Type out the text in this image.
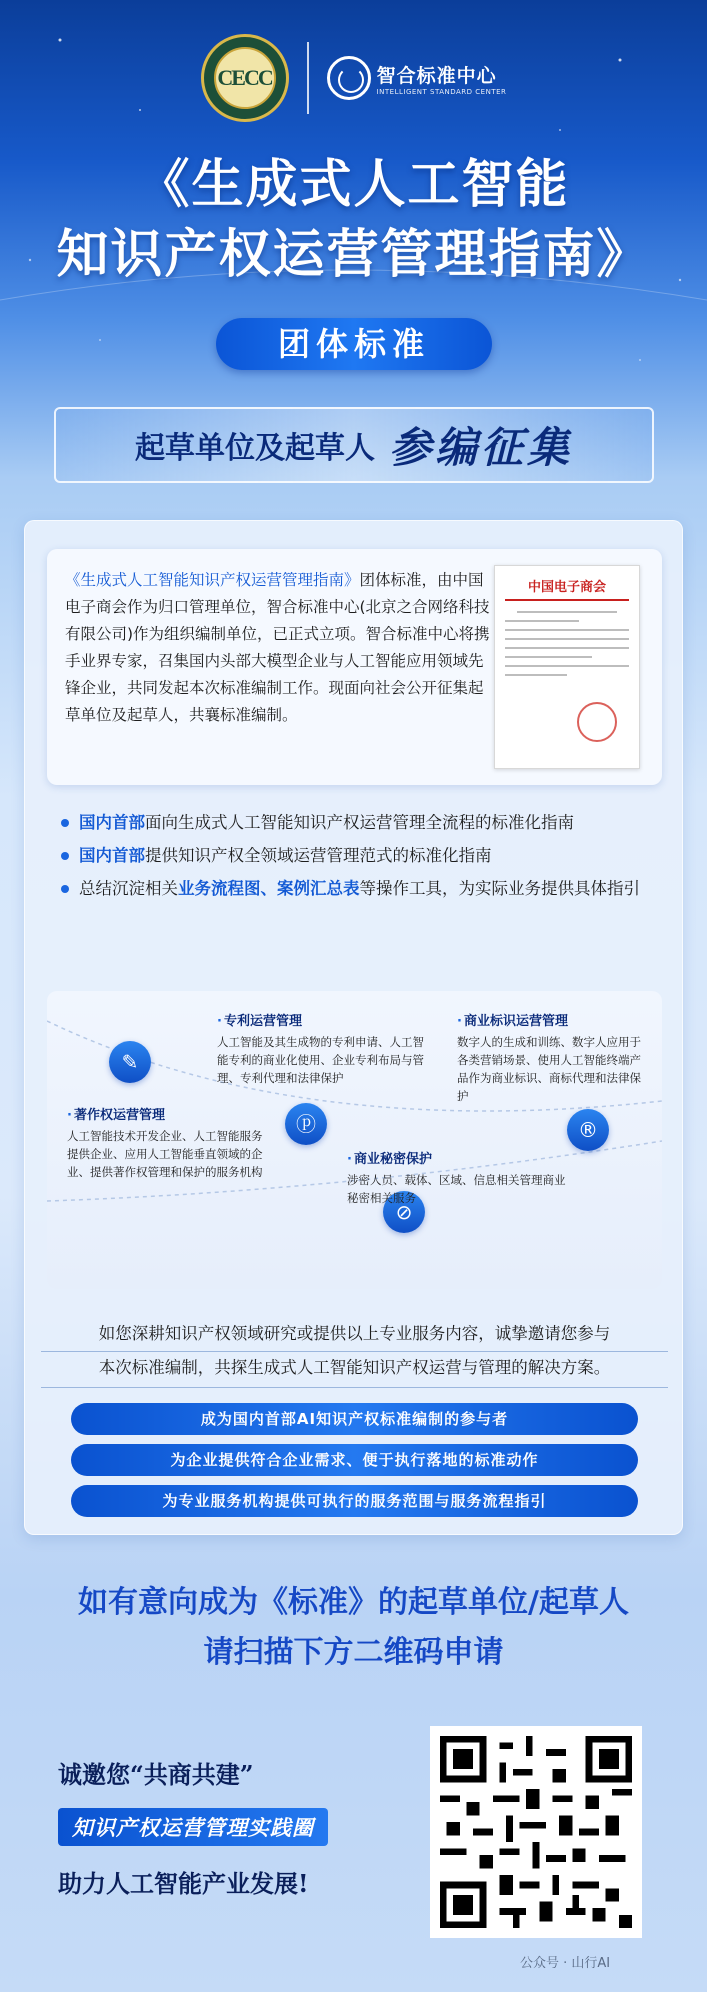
CECC	智合标准中心
INTELLIGENT STANDARD CENTER
《生成式人工智能
知识产权运营管理指南》
团体标准
起草单位及起草人 参编征集
《生成式人工智能知识产权运营管理指南》团体标准，由中国电子商会作为归口管理单位，智合标准中心(北京之合网络科技有限公司)作为组织编制单位，已正式立项。智合标准中心将携手业界专家，召集国内头部大模型企业与人工智能应用领域先锋企业，共同发起本次标准编制工作。现面向社会公开征集起草单位及起草人，共襄标准编制。
中国电子商会
国内首部面向生成式人工智能知识产权运营管理全流程的标准化指南
国内首部提供知识产权全领域运营管理范式的标准化指南
总结沉淀相关业务流程图、案例汇总表等操作工具，为实际业务提供具体指引
✎
ⓟ	®
⊘
· 专利运营管理
人工智能及其生成物的专利申请、人工智能专利的商业化使用、企业专利布局与管理、专利代理和法律保护
· 商业标识运营管理
数字人的生成和训练、数字人应用于各类营销场景、使用人工智能终端产品作为商业标识、商标代理和法律保护
· 著作权运营管理
人工智能技术开发企业、人工智能服务提供企业、应用人工智能垂直领域的企业、提供著作权管理和保护的服务机构
· 商业秘密保护
涉密人员、载体、区域、信息相关管理商业秘密相关服务
如您深耕知识产权领域研究或提供以上专业服务内容，诚挚邀请您参与
本次标准编制，共探生成式人工智能知识产权运营与管理的解决方案。
成为国内首部AI知识产权标准编制的参与者
为企业提供符合企业需求、便于执行落地的标准动作
为专业服务机构提供可执行的服务范围与服务流程指引
如有意向成为《标准》的起草单位/起草人
请扫描下方二维码申请
诚邀您“共商共建”
知识产权运营管理实践圈
助力人工智能产业发展!
公众号 · 山行AI
